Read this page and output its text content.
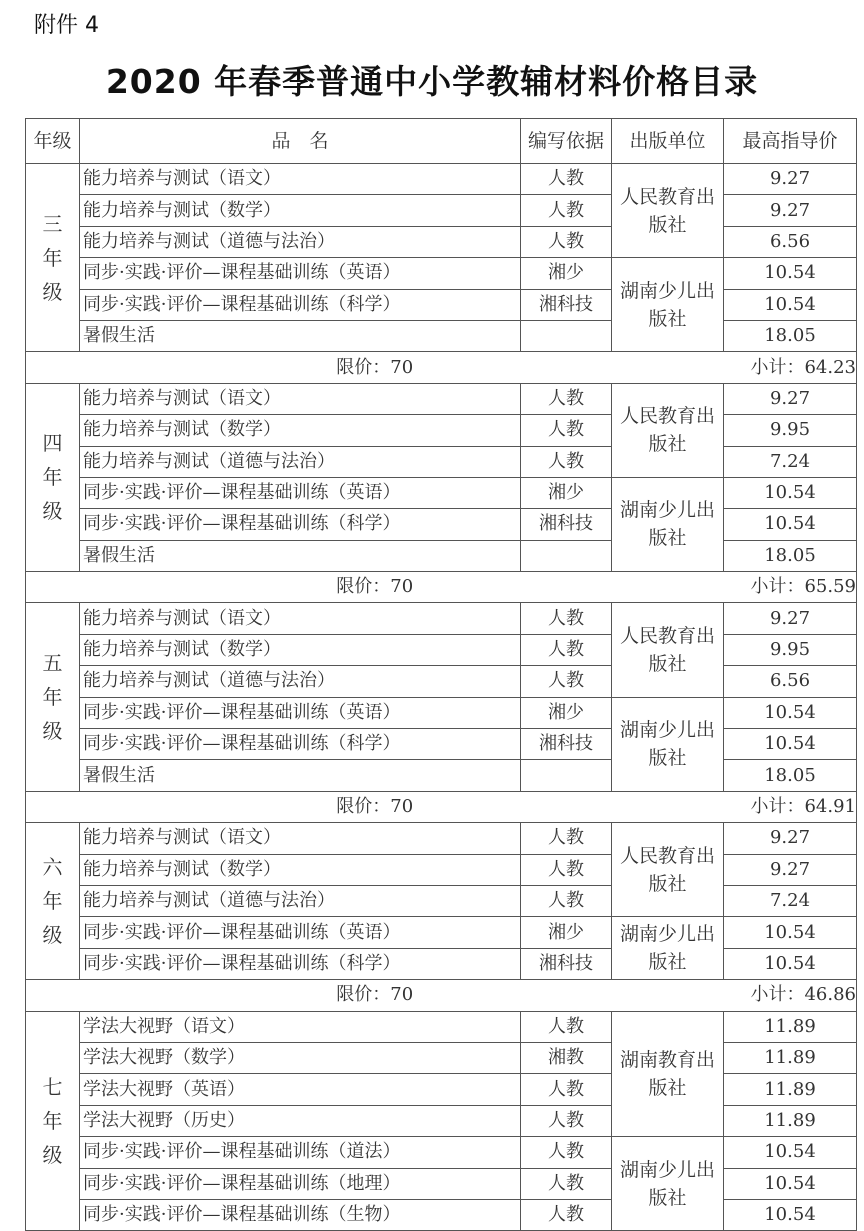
附件 4
2020 年春季普通中小学教辅材料价格目录
年级	品　名	编写依据	出版单位	最高指导价

三年级	能力培养与测试（语文）	人教	人民教育出版社	9.27
	能力培养与测试（数学）	人教		9.27
	能力培养与测试（道德与法治）	人教		6.56
	同步·实践·评价—课程基础训练（英语）	湘少	湖南少儿出版社	10.54
	同步·实践·评价—课程基础训练（科学）	湘科技		10.54
	暑假生活			18.05
限价：70				小计：64.23

四年级	能力培养与测试（语文）	人教	人民教育出版社	9.27
	能力培养与测试（数学）	人教		9.95
	能力培养与测试（道德与法治）	人教		7.24
	同步·实践·评价—课程基础训练（英语）	湘少	湖南少儿出版社	10.54
	同步·实践·评价—课程基础训练（科学）	湘科技		10.54
	暑假生活			18.05
限价：70				小计：65.59

五年级	能力培养与测试（语文）	人教	人民教育出版社	9.27
	能力培养与测试（数学）	人教		9.95
	能力培养与测试（道德与法治）	人教		6.56
	同步·实践·评价—课程基础训练（英语）	湘少	湖南少儿出版社	10.54
	同步·实践·评价—课程基础训练（科学）	湘科技		10.54
	暑假生活			18.05
限价：70				小计：64.91

六年级	能力培养与测试（语文）	人教	人民教育出版社	9.27
	能力培养与测试（数学）	人教		9.27
	能力培养与测试（道德与法治）	人教		7.24
	同步·实践·评价—课程基础训练（英语）	湘少	湖南少儿出版社	10.54
	同步·实践·评价—课程基础训练（科学）	湘科技		10.54
限价：70				小计：46.86

七年级	学法大视野（语文）	人教	湖南教育出版社	11.89
	学法大视野（数学）	湘教		11.89
	学法大视野（英语）	人教		11.89
	学法大视野（历史）	人教		11.89
	同步·实践·评价—课程基础训练（道法）	人教	湖南少儿出版社	10.54
	同步·实践·评价—课程基础训练（地理）	人教		10.54
	同步·实践·评价—课程基础训练（生物）	人教		10.54
